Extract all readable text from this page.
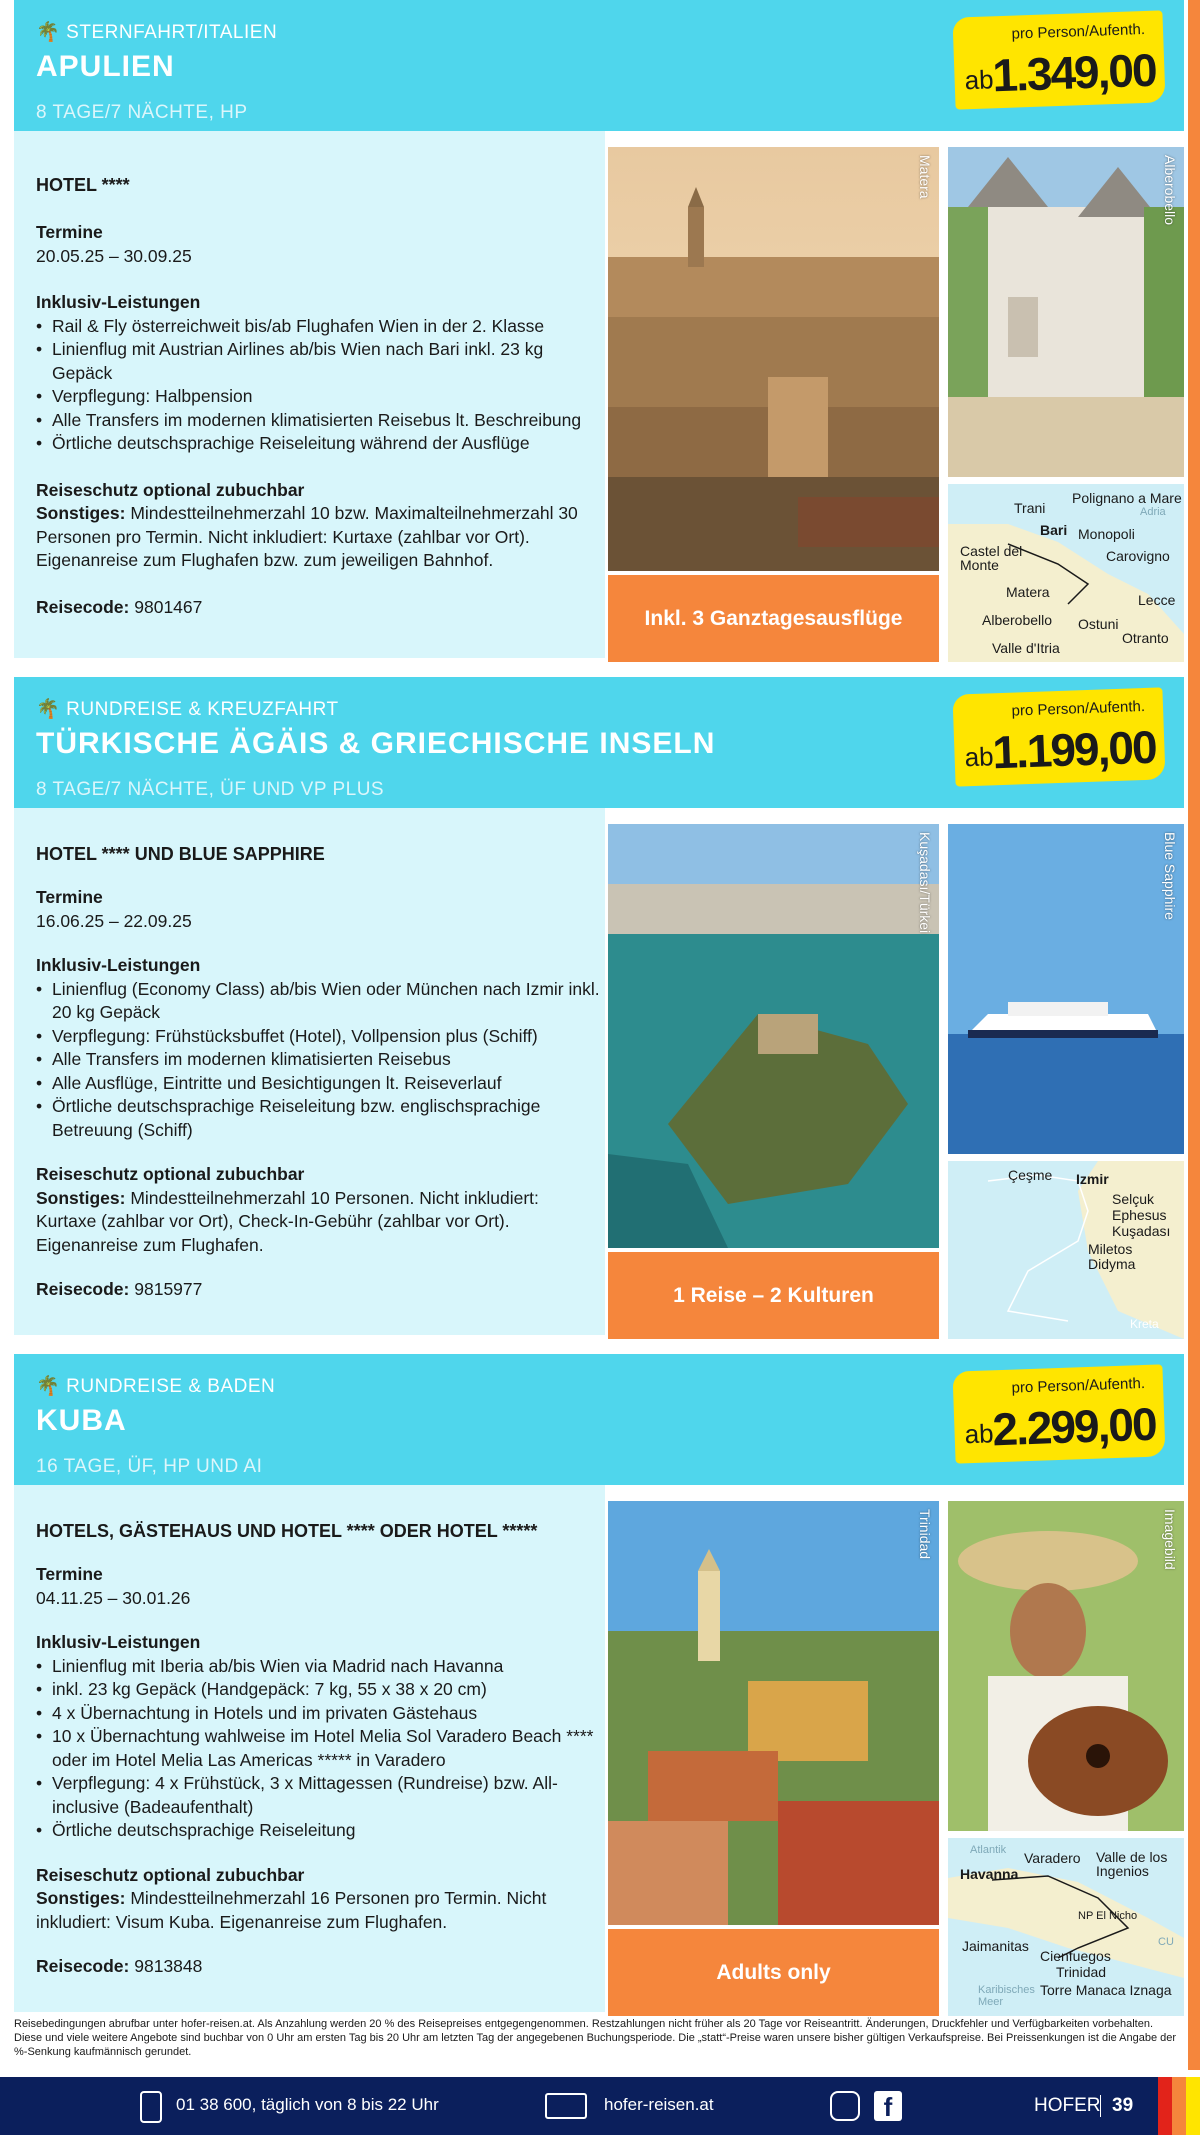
🌴 STERNFAHRT/ITALIEN
APULIEN
8 TAGE/7 NÄCHTE, HP
pro Person/Aufenth.
ab
1.349,00
HOTEL ****
Termine
20.05.25 – 30.09.25
Inklusiv-Leistungen
• Rail & Fly österreichweit bis/ab Flughafen Wien in der 2. Klasse
• Linienflug mit Austrian Airlines ab/bis Wien nach Bari inkl. 23 kg Gepäck
• Verpflegung: Halbpension
• Alle Transfers im modernen klimatisierten Reisebus lt. Beschreibung
• Örtliche deutschsprachige Reiseleitung während der Ausflüge
Reiseschutz optional zubuchbar
Sonstiges: Mindestteilnehmerzahl 10 bzw. Maximalteilnehmerzahl 30 Personen pro Termin. Nicht inkludiert: Kurtaxe (zahlbar vor Ort). Eigenanreise zum Flughafen bzw. zum jeweiligen Bahnhof.
Reisecode: 9801467
Matera	Alberobello
Inkl. 3 Ganztagesausflüge
Polignano a Mare
Trani	Adria
Bari Monopoli
Castel del Monte
Carovigno
Matera	Lecce
Alberobello Ostuni
Otranto
Valle d'Itria
🌴 RUNDREISE & KREUZFAHRT
TÜRKISCHE ÄGÄIS & GRIECHISCHE INSELN
8 TAGE/7 NÄCHTE, ÜF UND VP PLUS
pro Person/Aufenth.
ab
1.199,00
HOTEL **** UND BLUE SAPPHIRE
Termine
16.06.25 – 22.09.25
Inklusiv-Leistungen
• Linienflug (Economy Class) ab/bis Wien oder München nach Izmir inkl. 20 kg Gepäck
• Verpflegung: Frühstücksbuffet (Hotel), Vollpension plus (Schiff)
• Alle Transfers im modernen klimatisierten Reisebus
• Alle Ausflüge, Eintritte und Besichtigungen lt. Reiseverlauf
• Örtliche deutschsprachige Reiseleitung bzw. englischsprachige Betreuung (Schiff)
Reiseschutz optional zubuchbar
Sonstiges: Mindestteilnehmerzahl 10 Personen. Nicht inkludiert: Kurtaxe (zahlbar vor Ort), Check-In-Gebühr (zahlbar vor Ort). Eigenanreise zum Flughafen.
Reisecode: 9815977
Kuşadası/Türkei	Blue Sapphire
1 Reise – 2 Kulturen
Çeşme Izmir
Selçuk
Ephesus
Kuşadası
Miletos
Didyma
Kreta
🌴 RUNDREISE & BADEN
KUBA
16 TAGE, ÜF, HP UND AI
pro Person/Aufenth.
ab
2.299,00
HOTELS, GÄSTEHAUS UND HOTEL **** ODER HOTEL *****
Termine
04.11.25 – 30.01.26
Inklusiv-Leistungen
• Linienflug mit Iberia ab/bis Wien via Madrid nach Havanna
• inkl. 23 kg Gepäck (Handgepäck: 7 kg, 55 x 38 x 20 cm)
• 4 x Übernachtung in Hotels und im privaten Gästehaus
• 10 x Übernachtung wahlweise im Hotel Melia Sol Varadero Beach **** oder im Hotel Melia Las Americas ***** in Varadero
• Verpflegung: 4 x Frühstück, 3 x Mittagessen (Rundreise) bzw. All-inclusive (Badeaufenthalt)
• Örtliche deutschsprachige Reiseleitung
Reiseschutz optional zubuchbar
Sonstiges: Mindestteilnehmerzahl 16 Personen pro Termin. Nicht inkludiert: Visum Kuba. Eigenanreise zum Flughafen.
Reisecode: 9813848
Trinidad	Imagebild
Adults only
Atlantik Varadero Valle de los Ingenios
Havanna
NP El Nicho
Jaimanitas
Cienfuegos
Trinidad
Karibisches Meer
Torre Manaca Iznaga
CU
Reisebedingungen abrufbar unter hofer-reisen.at. Als Anzahlung werden 20 % des Reisepreises entgegengenommen. Restzahlungen nicht früher als 20 Tage vor Reiseantritt. Änderungen, Druckfehler und Verfügbarkeiten vorbehalten. Diese und viele weitere Angebote sind buchbar von 0 Uhr am ersten Tag bis 20 Uhr am letzten Tag der angegebenen Buchungsperiode. Die „statt“-Preise waren unsere bisher gültigen Verkaufspreise. Bei Preissenkungen ist die Angabe der %-Senkung kaufmännisch gerundet.
01 38 600, täglich von 8 bis 22 Uhr	hofer-reisen.at	f	HOFER 39
